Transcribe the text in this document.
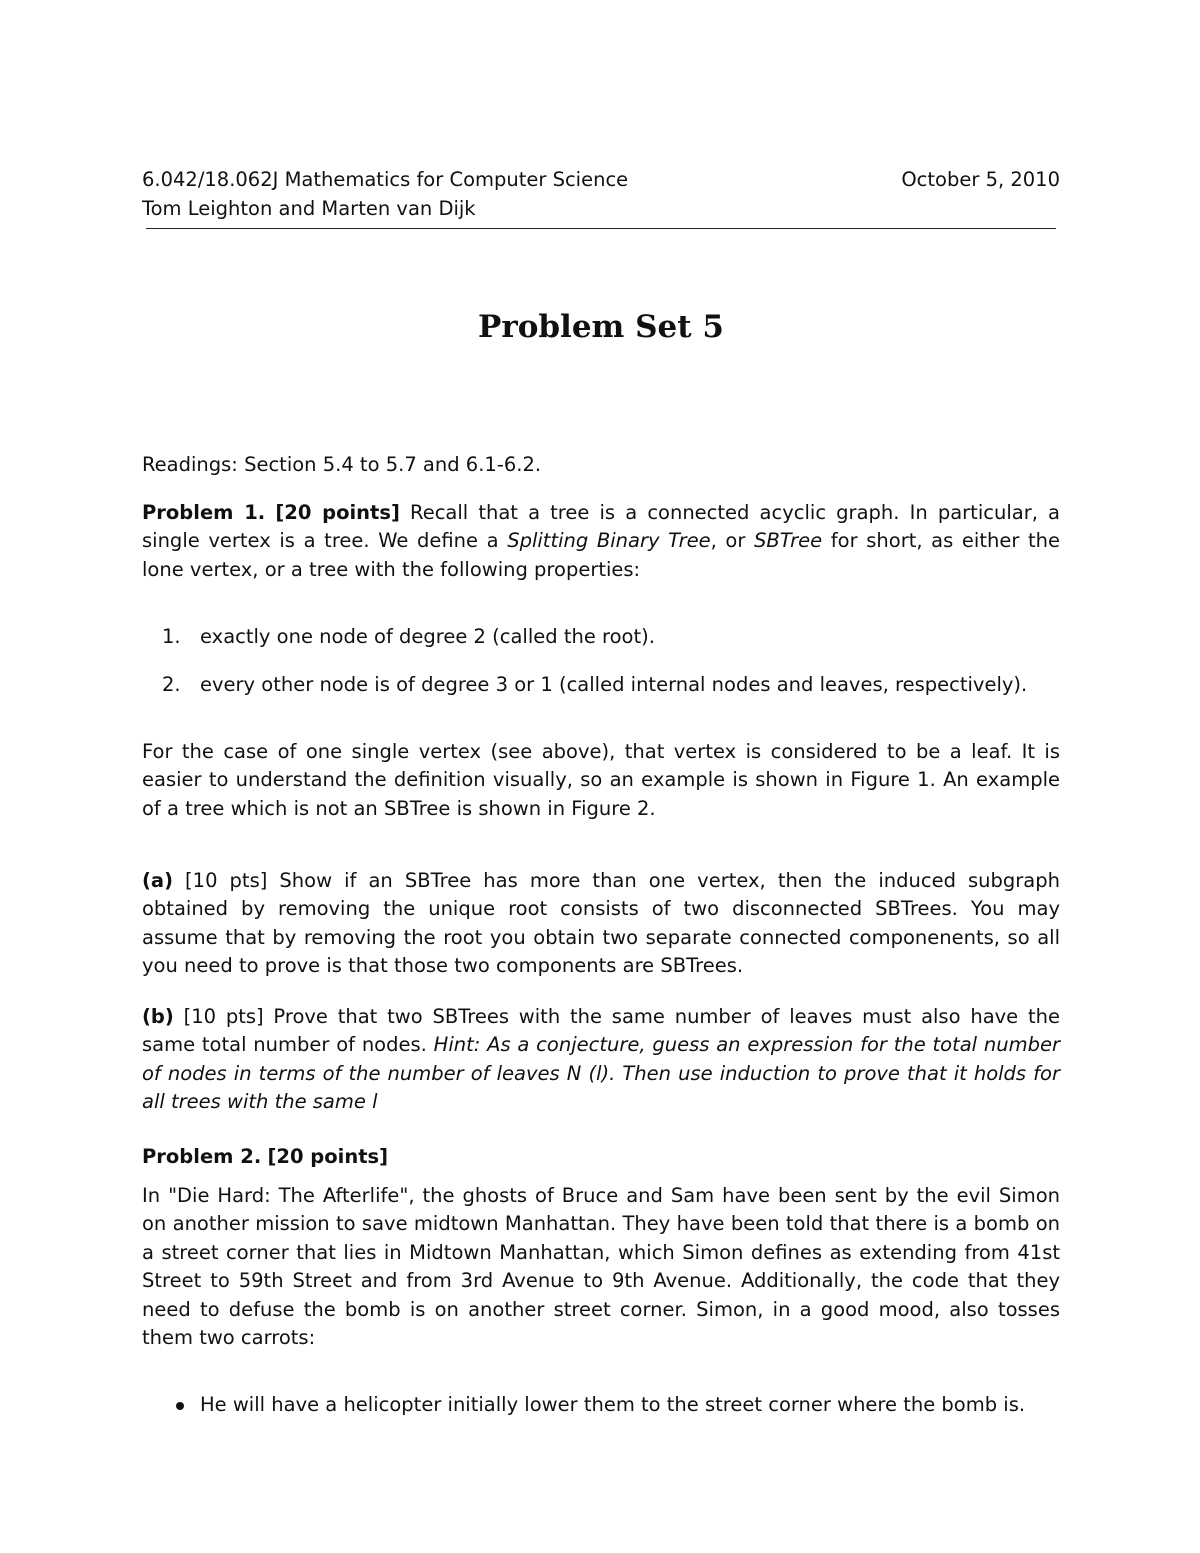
6.042/18.062J Mathematics for Computer Science	October 5, 2010
Tom Leighton and Marten van Dijk
Problem Set 5
Readings: Section 5.4 to 5.7 and 6.1-6.2.
Problem 1. [20 points] Recall that a tree is a connected acyclic graph. In particular, a single vertex is a tree. We define a Splitting Binary Tree, or SBTree for short, as either the lone vertex, or a tree with the following properties:
1. exactly one node of degree 2 (called the root).
2. every other node is of degree 3 or 1 (called internal nodes and leaves, respectively).
For the case of one single vertex (see above), that vertex is considered to be a leaf. It is easier to understand the definition visually, so an example is shown in Figure 1. An example of a tree which is not an SBTree is shown in Figure 2.
(a) [10 pts] Show if an SBTree has more than one vertex, then the induced subgraph obtained by removing the unique root consists of two disconnected SBTrees. You may assume that by removing the root you obtain two separate connected componenents, so all you need to prove is that those two components are SBTrees.
(b) [10 pts] Prove that two SBTrees with the same number of leaves must also have the same total number of nodes. Hint: As a conjecture, guess an expression for the total number of nodes in terms of the number of leaves N (l). Then use induction to prove that it holds for all trees with the same l
Problem 2. [20 points]
In "Die Hard: The Afterlife", the ghosts of Bruce and Sam have been sent by the evil Simon on another mission to save midtown Manhattan. They have been told that there is a bomb on a street corner that lies in Midtown Manhattan, which Simon defines as extending from 41st Street to 59th Street and from 3rd Avenue to 9th Avenue. Additionally, the code that they need to defuse the bomb is on another street corner. Simon, in a good mood, also tosses them two carrots:
He will have a helicopter initially lower them to the street corner where the bomb is.
